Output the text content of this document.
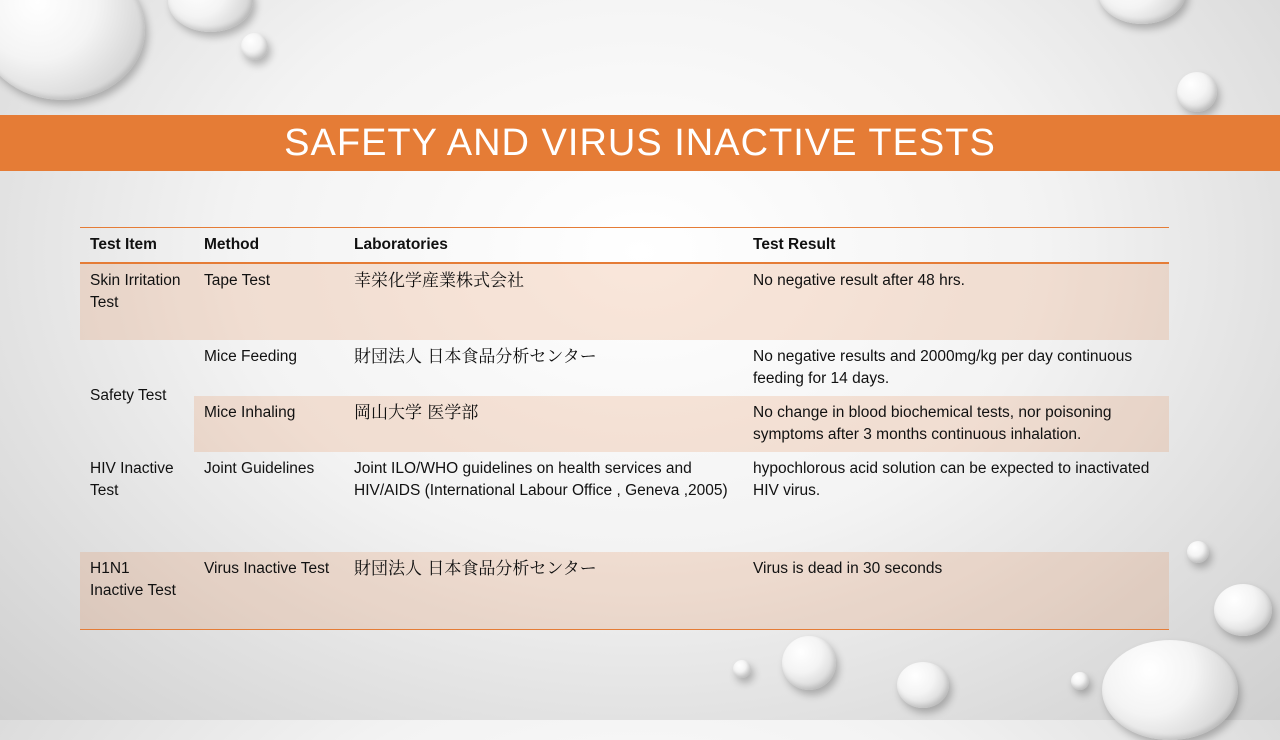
SAFETY AND VIRUS INACTIVE TESTS
Test Item	Method	Laboratories	Test Result
Skin Irritation Test	Tape Test	幸栄化学産業株式会社	No negative result after 48 hrs.
Safety Test	Mice Feeding	財団法人 日本食品分析センター	No negative results and 2000mg/kg per day continuous feeding for 14 days.
	Mice Inhaling	岡山大学 医学部	No change in blood biochemical tests, nor poisoning symptoms after 3 months continuous inhalation.
HIV Inactive Test	Joint Guidelines	Joint ILO/WHO guidelines on health services and HIV/AIDS (International Labour Office , Geneva ,2005)	hypochlorous acid solution can be expected to inactivated HIV virus.
H1N1 Inactive Test	Virus Inactive Test	財団法人 日本食品分析センター	Virus is dead in 30 seconds
